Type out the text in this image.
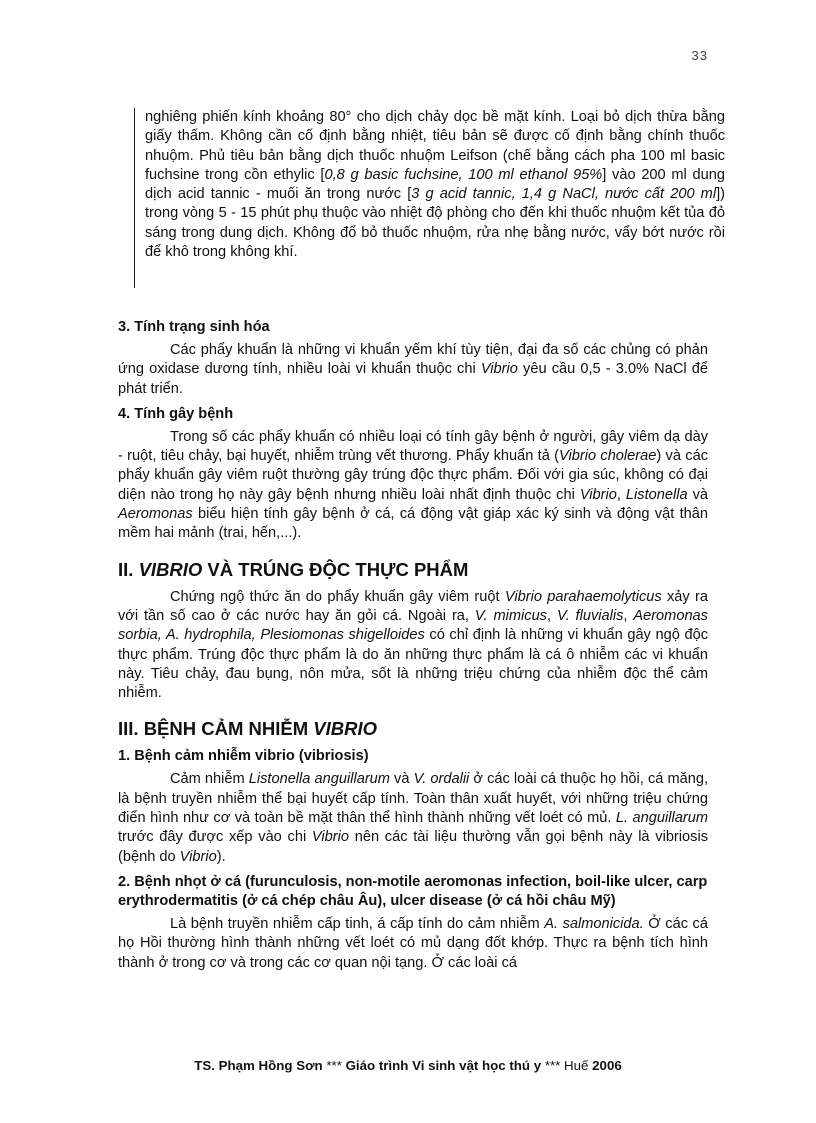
33

nghiêng phiến kính khoảng 80° cho dịch chảy dọc bề mặt kính. Loại bỏ dịch thừa bằng giấy thấm. Không cần cố định bằng nhiệt, tiêu bản sẽ được cố định bằng chính thuốc nhuộm. Phủ tiêu bản bằng dịch thuốc nhuộm Leifson (chế bằng cách pha 100 ml basic fuchsine trong cồn ethylic [0,8 g basic fuchsine, 100 ml ethanol 95%] vào 200 ml dung dịch acid tannic - muối ăn trong nước [3 g acid tannic, 1,4 g NaCl, nước cất 200 ml]) trong vòng 5 - 15 phút phụ thuộc vào nhiệt độ phòng cho đến khi thuốc nhuộm kết tủa đỏ sáng trong dung dịch. Không đổ bỏ thuốc nhuộm, rửa nhẹ bằng nước, vẩy bớt nước rồi để khô trong không khí.

3. Tính trạng sinh hóa

Các phẩy khuẩn là những vi khuẩn yếm khí tùy tiện, đại đa số các chủng có phản ứng oxidase dương tính, nhiều loài vi khuẩn thuộc chi Vibrio yêu cầu 0,5 - 3.0% NaCl để phát triển.

4. Tính gây bệnh

Trong số các phẩy khuẩn có nhiều loại có tính gây bệnh ở người, gây viêm dạ dày - ruột, tiêu chảy, bại huyết, nhiễm trùng vết thương. Phẩy khuẩn tả (Vibrio cholerae) và các phẩy khuẩn gây viêm ruột thường gây trúng độc thực phẩm. Đối với gia súc, không có đại diện nào trong họ này gây bệnh nhưng nhiều loài nhất định thuộc chi Vibrio, Listonella và Aeromonas biểu hiện tính gây bệnh ở cá, cá động vật giáp xác ký sinh và động vật thân mềm hai mảnh (trai, hến,...).

II. VIBRIO VÀ TRÚNG ĐỘC THỰC PHẨM

Chứng ngộ thức ăn do phẩy khuẩn gây viêm ruột Vibrio parahaemolyticus xảy ra với tần số cao ở các nước hay ăn gỏi cá. Ngoài ra, V. mimicus, V. fluvialis, Aeromonas sorbia, A. hydrophila, Plesiomonas shigelloides có chỉ định là những vi khuẩn gây ngộ độc thực phẩm. Trúng độc thực phẩm là do ăn những thực phẩm là cá ô nhiễm các vi khuẩn này. Tiêu chảy, đau bụng, nôn mửa, sốt là những triệu chứng của nhiễm độc thể cảm nhiễm.

III. BỆNH CẢM NHIỄM VIBRIO
1. Bệnh cảm nhiễm vibrio (vibriosis)

Cảm nhiễm Listonella anguillarum và V. ordalii ở các loài cá thuộc họ hồi, cá măng, là bệnh truyền nhiễm thể bại huyết cấp tính. Toàn thân xuất huyết, với những triệu chứng điển hình như cơ và toàn bề mặt thân thể hình thành những vết loét có mủ. L. anguillarum trước đây được xếp vào chi Vibrio nên các tài liệu thường vẫn gọi bệnh này là vibriosis (bệnh do Vibrio).

2. Bệnh nhọt ở cá (furunculosis, non-motile aeromonas infection, boil-like ulcer, carp erythrodermatitis (ở cá chép châu Âu), ulcer disease (ở cá hồi châu Mỹ)

Là bệnh truyền nhiễm cấp tinh, á cấp tính do cảm nhiễm A. salmonicida. Ở các cá họ Hồi thường hình thành những vết loét có mủ dạng đốt khớp. Thực ra bệnh tích hình thành ở trong cơ và trong các cơ quan nội tạng. Ở các loài cá

TS. Phạm Hồng Sơn *** Giáo trình Vi sinh vật học thú y *** Huế 2006
